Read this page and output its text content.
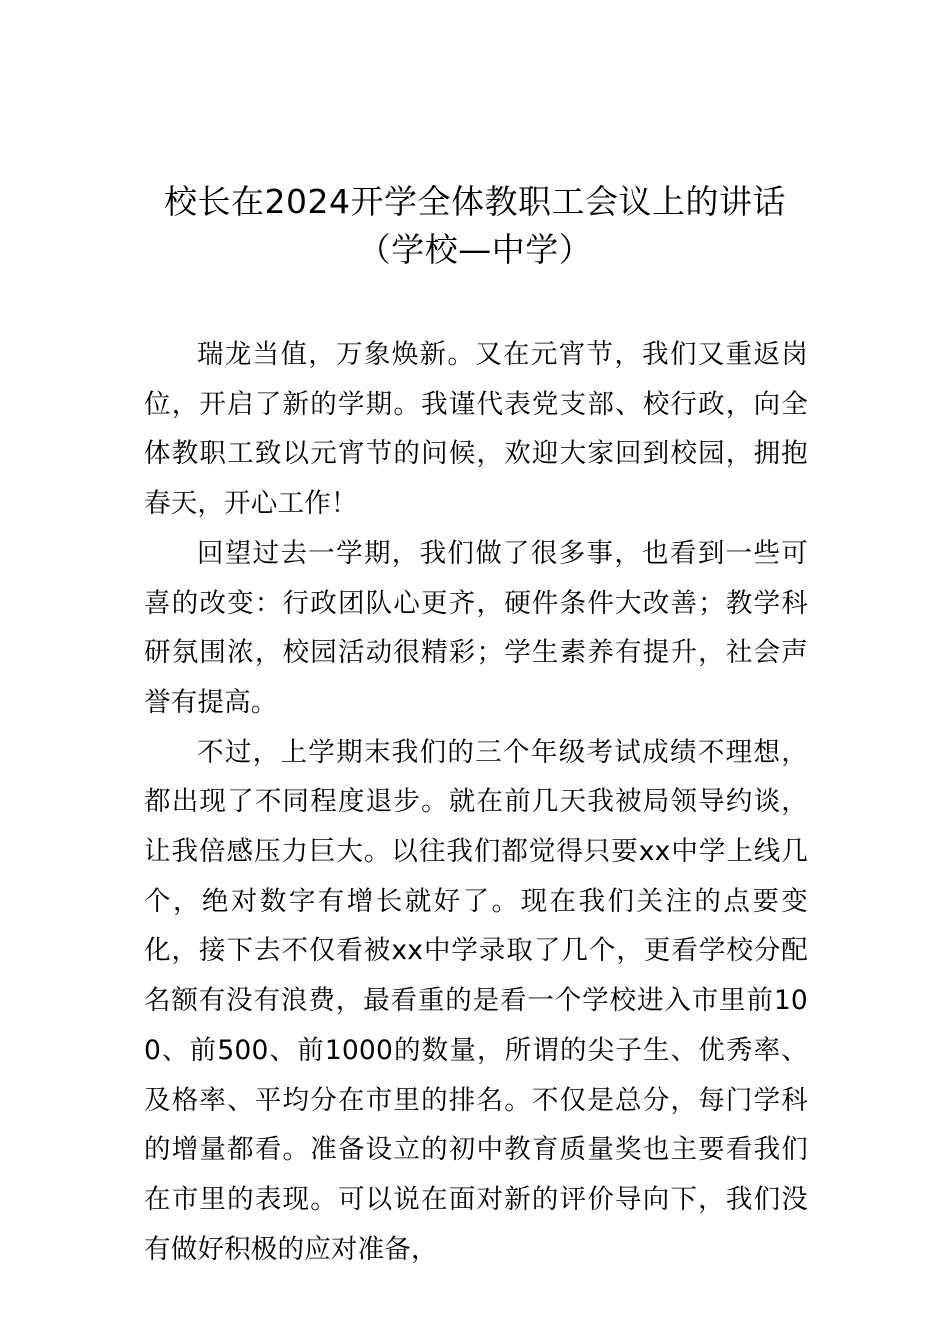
校长在2024开学全体教职工会议上的讲话
（学校—中学）

瑞龙当值，万象焕新。又在元宵节，我们又重返岗位，开启了新的学期。我谨代表党支部、校行政，向全体教职工致以元宵节的问候，欢迎大家回到校园，拥抱春天，开心工作！

回望过去一学期，我们做了很多事，也看到一些可喜的改变：行政团队心更齐，硬件条件大改善；教学科研氛围浓，校园活动很精彩；学生素养有提升，社会声誉有提高。

不过，上学期末我们的三个年级考试成绩不理想，都出现了不同程度退步。就在前几天我被局领导约谈，让我倍感压力巨大。以往我们都觉得只要xx中学上线几个，绝对数字有增长就好了。现在我们关注的点要变化，接下去不仅看被xx中学录取了几个，更看学校分配名额有没有浪费，最看重的是看一个学校进入市里前100、前500、前1000的数量，所谓的尖子生、优秀率、及格率、平均分在市里的排名。不仅是总分，每门学科的增量都看。准备设立的初中教育质量奖也主要看我们在市里的表现。可以说在面对新的评价导向下，我们没有做好积极的应对准备，
